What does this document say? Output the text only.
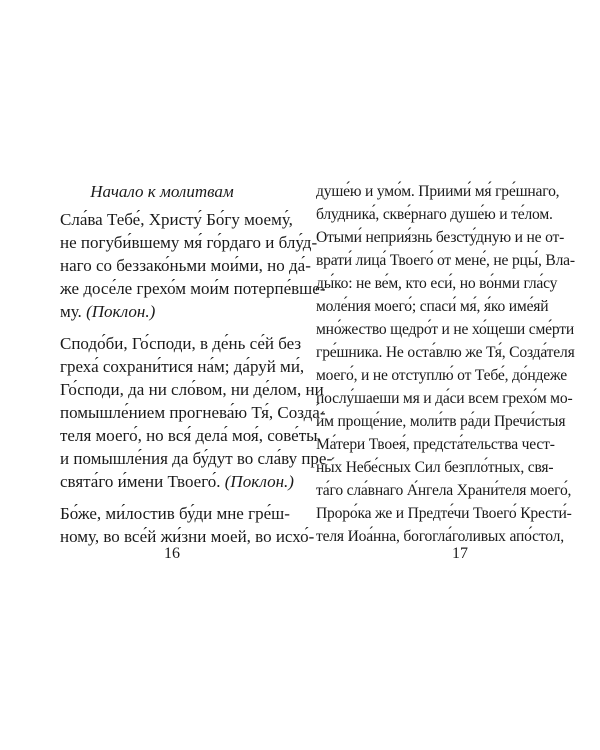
Начало к молитвам
Сла́ва Тебе́, Христу́ Бо́гу моему́,
не погуби́вшему мя́ го́рдаго и блу́д-
наго со беззако́ньми мои́ми, но да́-
же досе́ле грехо́м мои́м потерпе́вше-
му. (Поклон.)
Сподо́би, Го́споди, в де́нь се́й без
греха́ сохрани́тися на́м; да́руй ми́,
Го́споди, да ни сло́вом, ни де́лом, ни
помышле́нием прогнева́ю Тя́, Созда́-
теля моего́, но вся́ дела́ моя́, сове́ты
и помышле́ния да бу́дут во сла́ву пре-
свята́го и́мени Твоего́. (Поклон.)
Бо́же, ми́лостив бу́ди мне гре́ш-
ному, во все́й жи́зни моей, во исхо́-
16
душе́ю и умо́м. Приими́ мя́ гре́шнаго,
блудника́, скве́рнаго душе́ю и те́лом.
Отыми́ неприя́знь безсту́дную и не от-
врати́ лица́ Твоего́ от мене́, не рцы́, Вла-
ды́ко: не ве́м, кто еси́, но во́нми гла́су
моле́ния моего́; спаси́ мя́, я́ко име́яй
мно́жество щедро́т и не хо́щеши сме́рти
гре́шника. Не оста́влю же Тя́, Созда́теля
моего́, и не отступлю́ от Тебе́, до́ндеже
послу́шаеши мя и да́си всем грехо́м мо-
и́м проще́ние, моли́тв ра́ди Пречи́стыя
Ма́тери Твоея́, предста́тельства чест-
ны́х Небе́сных Сил безпло́тных, свя-
та́го сла́внаго А́нгела Храни́теля моего́,
Проро́ка же и Предте́чи Твоего́ Крести́-
теля Иоа́нна, богогла́голивых апо́стол,
17
